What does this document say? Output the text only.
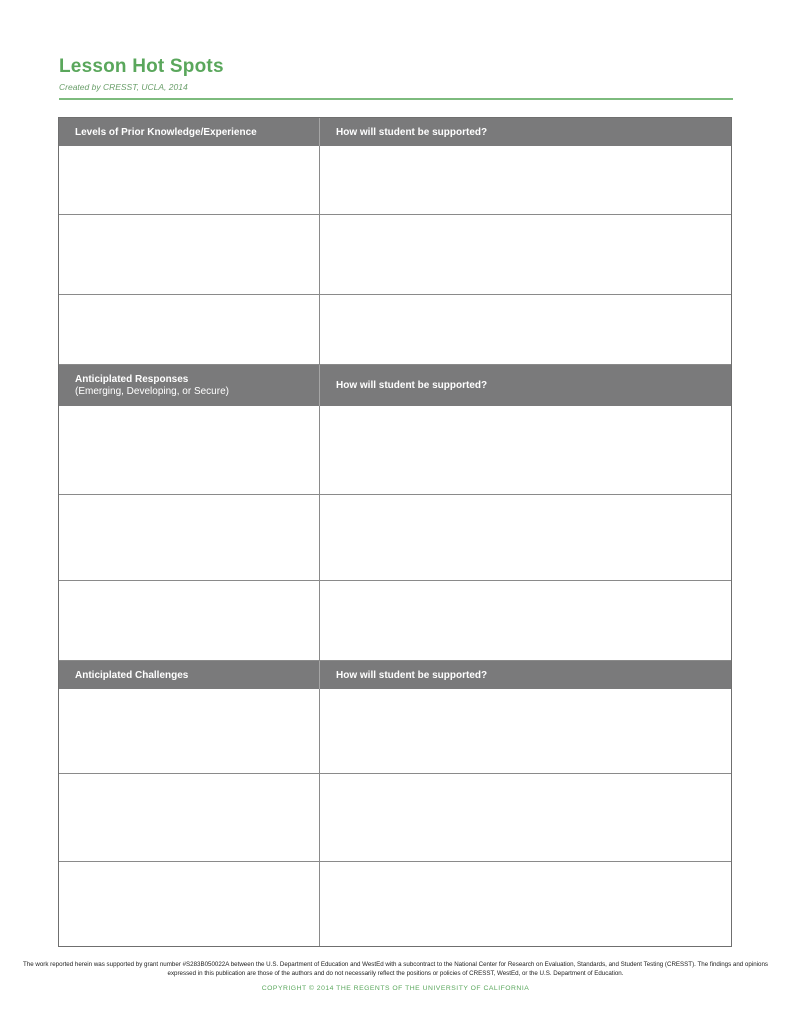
Lesson Hot Spots
Created by CRESST, UCLA, 2014
Levels of Prior Knowledge/Experience	How will student be supported?
Anticiplated Responses
(Emerging, Developing, or Secure)
How will student be supported?
Anticiplated Challenges	How will student be supported?
The work reported herein was supported by grant number #S283B050022A between the U.S. Department of Education and WestEd with a subcontract to the National Center for Research on Evaluation, Standards, and Student Testing (CRESST). The findings and opinions expressed in this publication are those of the authors and do not necessarily reflect the positions or policies of CRESST, WestEd, or the U.S. Department of Education.
COPYRIGHT © 2014 THE REGENTS OF THE UNIVERSITY OF CALIFORNIA
